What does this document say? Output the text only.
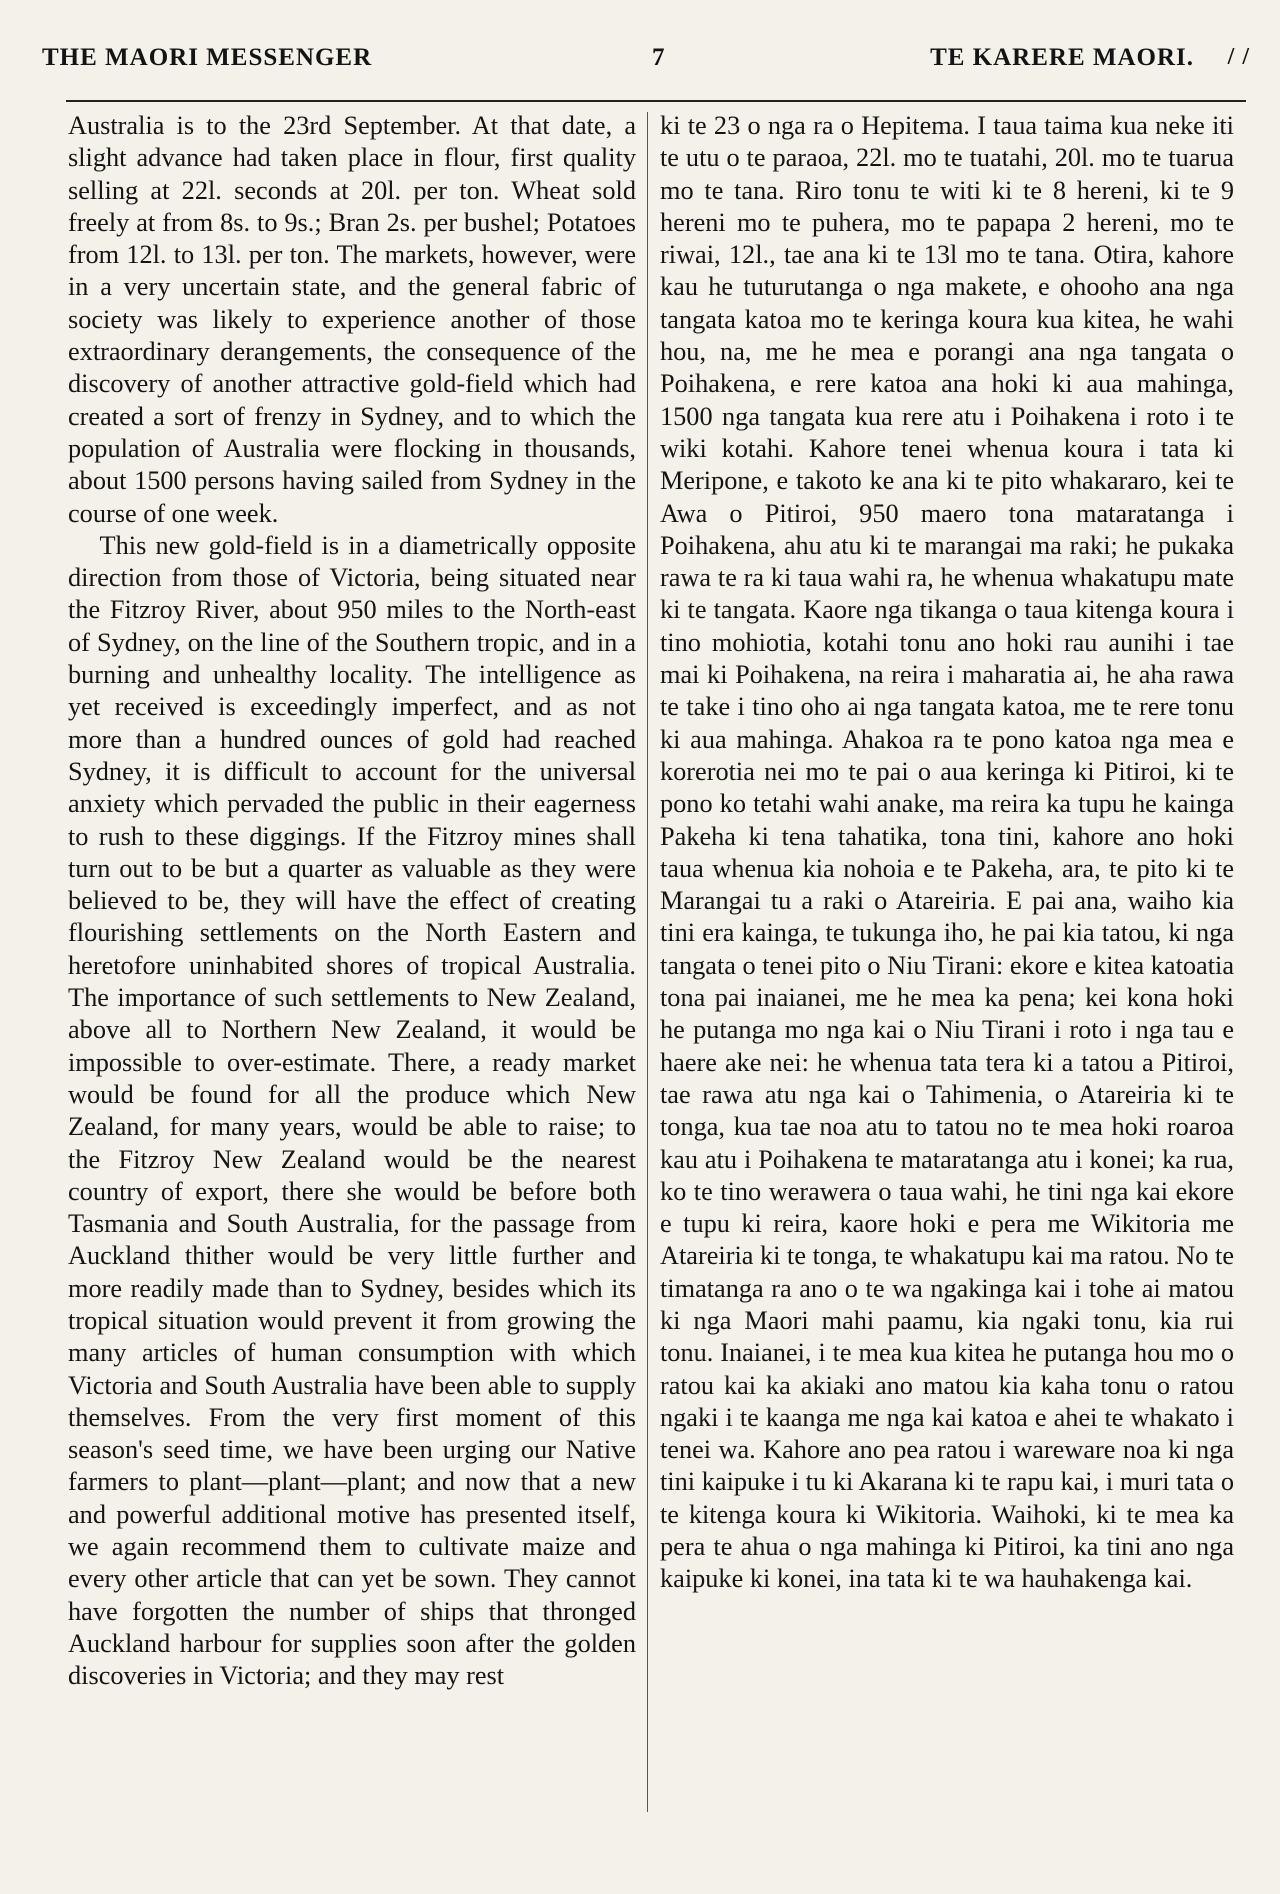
THE MAORI MESSENGER	7	TE KARERE MAORI. / /

Australia is to the 23rd September. At that date, a slight advance had taken place in flour, first quality selling at 22l. seconds at 20l. per ton. Wheat sold freely at from 8s. to 9s.; Bran 2s. per bushel; Potatoes from 12l. to 13l. per ton. The markets, however, were in a very uncertain state, and the general fabric of society was likely to experience another of those extraordinary derangements, the consequence of the discovery of another attractive gold-field which had created a sort of frenzy in Sydney, and to which the population of Australia were flocking in thousands, about 1500 persons having sailed from Sydney in the course of one week.

This new gold-field is in a diametrically opposite direction from those of Victoria, being situated near the Fitzroy River, about 950 miles to the North-east of Sydney, on the line of the Southern tropic, and in a burning and unhealthy locality. The intelligence as yet received is exceedingly imperfect, and as not more than a hundred ounces of gold had reached Sydney, it is difficult to account for the universal anxiety which pervaded the public in their eagerness to rush to these diggings. If the Fitzroy mines shall turn out to be but a quarter as valuable as they were believed to be, they will have the effect of creating flourishing settlements on the North Eastern and heretofore uninhabited shores of tropical Australia. The importance of such settlements to New Zealand, above all to Northern New Zealand, it would be impossible to over-estimate. There, a ready market would be found for all the produce which New Zealand, for many years, would be able to raise; to the Fitzroy New Zealand would be the nearest country of export, there she would be before both Tasmania and South Australia, for the passage from Auckland thither would be very little further and more readily made than to Sydney, besides which its tropical situation would prevent it from growing the many articles of human consumption with which Victoria and South Australia have been able to supply themselves. From the very first moment of this season's seed time, we have been urging our Native farmers to plant—plant—plant; and now that a new and powerful additional motive has presented itself, we again recommend them to cultivate maize and every other article that can yet be sown. They cannot have forgotten the number of ships that thronged Auckland harbour for supplies soon after the golden discoveries in Victoria; and they may rest

ki te 23 o nga ra o Hepitema. I taua taima kua neke iti te utu o te paraoa, 22l. mo te tuatahi, 20l. mo te tuarua mo te tana. Riro tonu te witi ki te 8 hereni, ki te 9 hereni mo te puhera, mo te papapa 2 hereni, mo te riwai, 12l., tae ana ki te 13l mo te tana. Otira, kahore kau he tuturutanga o nga makete, e ohooho ana nga tangata katoa mo te keringa koura kua kitea, he wahi hou, na, me he mea e porangi ana nga tangata o Poihakena, e rere katoa ana hoki ki aua mahinga, 1500 nga tangata kua rere atu i Poihakena i roto i te wiki kotahi. Kahore tenei whenua koura i tata ki Meripone, e takoto ke ana ki te pito whakararo, kei te Awa o Pitiroi, 950 maero tona mataratanga i Poihakena, ahu atu ki te marangai ma raki; he pukaka rawa te ra ki taua wahi ra, he whenua whakatupu mate ki te tangata. Kaore nga tikanga o taua kitenga koura i tino mohiotia, kotahi tonu ano hoki rau aunihi i tae mai ki Poihakena, na reira i maharatia ai, he aha rawa te take i tino oho ai nga tangata katoa, me te rere tonu ki aua mahinga. Ahakoa ra te pono katoa nga mea e korerotia nei mo te pai o aua keringa ki Pitiroi, ki te pono ko tetahi wahi anake, ma reira ka tupu he kainga Pakeha ki tena tahatika, tona tini, kahore ano hoki taua whenua kia nohoia e te Pakeha, ara, te pito ki te Marangai tu a raki o Atareiria. E pai ana, waiho kia tini era kainga, te tukunga iho, he pai kia tatou, ki nga tangata o tenei pito o Niu Tirani: ekore e kitea katoatia tona pai inaianei, me he mea ka pena; kei kona hoki he putanga mo nga kai o Niu Tirani i roto i nga tau e haere ake nei: he whenua tata tera ki a tatou a Pitiroi, tae rawa atu nga kai o Tahimenia, o Atareiria ki te tonga, kua tae noa atu to tatou no te mea hoki roaroa kau atu i Poihakena te mataratanga atu i konei; ka rua, ko te tino werawera o taua wahi, he tini nga kai ekore e tupu ki reira, kaore hoki e pera me Wikitoria me Atareiria ki te tonga, te whakatupu kai ma ratou. No te timatanga ra ano o te wa ngakinga kai i tohe ai matou ki nga Maori mahi paamu, kia ngaki tonu, kia rui tonu. Inaianei, i te mea kua kitea he putanga hou mo o ratou kai ka akiaki ano matou kia kaha tonu o ratou ngaki i te kaanga me nga kai katoa e ahei te whakato i tenei wa. Kahore ano pea ratou i wareware noa ki nga tini kaipuke i tu ki Akarana ki te rapu kai, i muri tata o te kitenga koura ki Wikitoria. Waihoki, ki te mea ka pera te ahua o nga mahinga ki Pitiroi, ka tini ano nga kaipuke ki konei, ina tata ki te wa hauhakenga kai.
